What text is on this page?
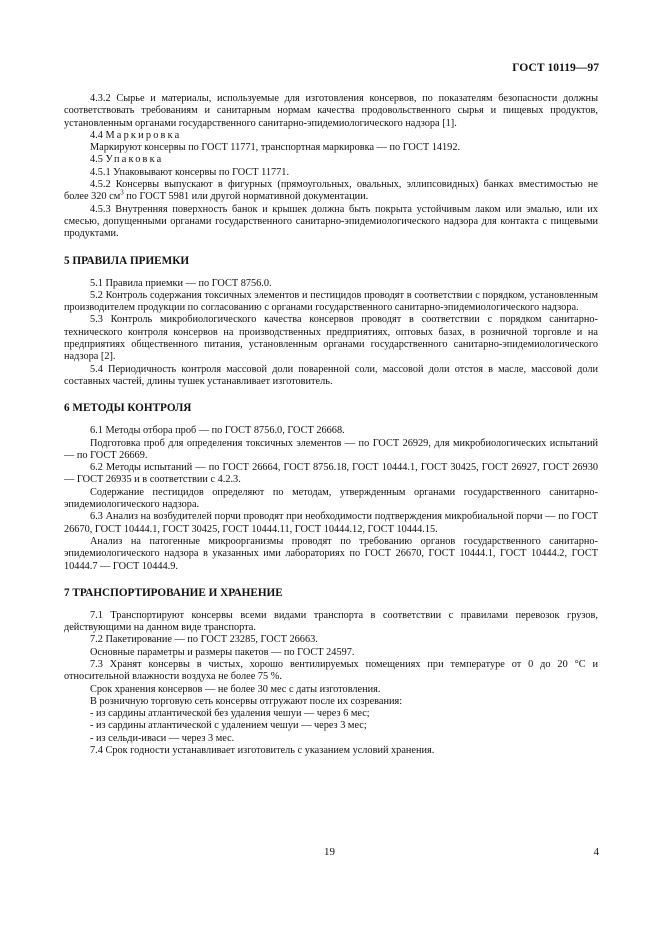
ГОСТ 10119—97

4.3.2 Сырье и материалы, используемые для изготовления консервов, по показателям безопасности должны соответствовать требованиям и санитарным нормам качества продовольственного сырья и пищевых продуктов, установленным органами государственного санитарно-эпидемиологического надзора [1].

4.4 Маркировка

Маркируют консервы по ГОСТ 11771, транспортная маркировка — по ГОСТ 14192.

4.5 Упаковка

4.5.1 Упаковывают консервы по ГОСТ 11771.

4.5.2 Консервы выпускают в фигурных (прямоугольных, овальных, эллипсовидных) банках вместимостью не более 320 $см^3$ по ГОСТ 5981 или другой нормативной документации.

4.5.3 Внутренняя поверхность банок и крышек должна быть покрыта устойчивым лаком или эмалью, или их смесью, допущенными органами государственного санитарно-эпидемиологического надзора для контакта с пищевыми продуктами.

5 ПРАВИЛА ПРИЕМКИ

5.1 Правила приемки — по ГОСТ 8756.0.

5.2 Контроль содержания токсичных элементов и пестицидов проводят в соответствии с порядком, установленным производителем продукции по согласованию с органами государственного санитарно-эпидемиологического надзора.

5.3 Контроль микробиологического качества консервов проводят в соответствии с порядком санитарно-технического контроля консервов на производственных предприятиях, оптовых базах, в розничной торговле и на предприятиях общественного питания, установленным органами государственного санитарно-эпидемиологического надзора [2].

5.4 Периодичность контроля массовой доли поваренной соли, массовой доли отстоя в масле, массовой доли составных частей, длины тушек устанавливает изготовитель.

6 МЕТОДЫ КОНТРОЛЯ

6.1 Методы отбора проб — по ГОСТ 8756.0, ГОСТ 26668.

Подготовка проб для определения токсичных элементов — по ГОСТ 26929, для микробиологических испытаний — по ГОСТ 26669.

6.2 Методы испытаний — по ГОСТ 26664, ГОСТ 8756.18, ГОСТ 10444.1, ГОСТ 30425, ГОСТ 26927, ГОСТ 26930 — ГОСТ 26935 и в соответствии с 4.2.3.

Содержание пестицидов определяют по методам, утвержденным органами государственного санитарно-эпидемиологического надзора.

6.3 Анализ на возбудителей порчи проводят при необходимости подтверждения микробиальной порчи — по ГОСТ 26670, ГОСТ 10444.1, ГОСТ 30425, ГОСТ 10444.11, ГОСТ 10444.12, ГОСТ 10444.15.

Анализ на патогенные микроорганизмы проводят по требованию органов государственного санитарно-эпидемиологического надзора в указанных ими лабораториях по ГОСТ 26670, ГОСТ 10444.1, ГОСТ 10444.2, ГОСТ 10444.7 — ГОСТ 10444.9.

7 ТРАНСПОРТИРОВАНИЕ И ХРАНЕНИЕ

7.1 Транспортируют консервы всеми видами транспорта в соответствии с правилами перевозок грузов, действующими на данном виде транспорта.

7.2 Пакетирование — по ГОСТ 23285, ГОСТ 26663.

Основные параметры и размеры пакетов — по ГОСТ 24597.

7.3 Хранят консервы в чистых, хорошо вентилируемых помещениях при температуре от 0 до 20 °С и относительной влажности воздуха не более 75 %.

Срок хранения консервов — не более 30 мес с даты изготовления.

В розничную торговую сеть консервы отгружают после их созревания:

- из сардины атлантической без удаления чешуи — через 6 мес;

- из сардины атлантической с удалением чешуи — через 3 мес;

- из сельди-иваси — через 3 мес.

7.4 Срок годности устанавливает изготовитель с указанием условий хранения.

19	4
